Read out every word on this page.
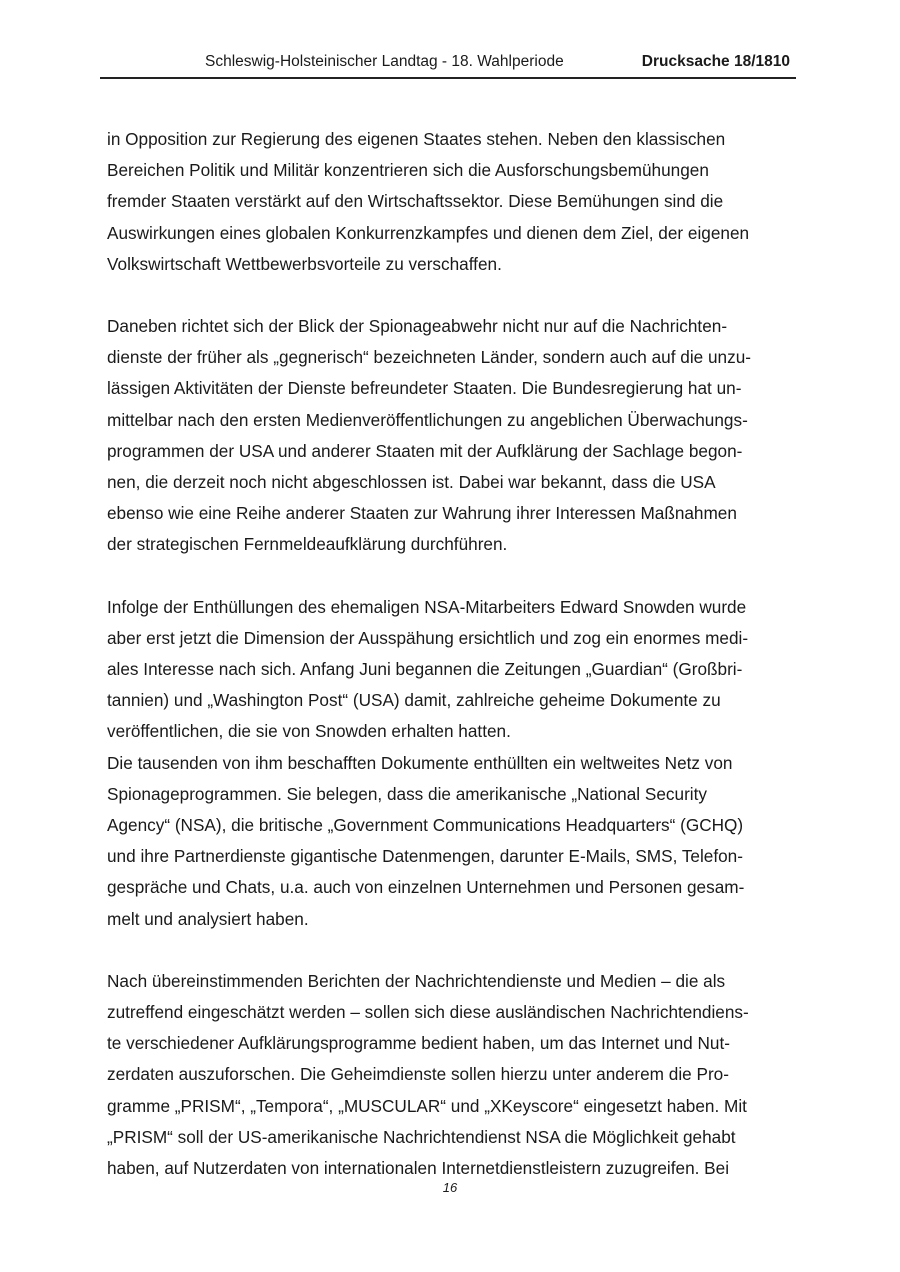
Schleswig-Holsteinischer Landtag - 18. Wahlperiode	Drucksache 18/1810

in Opposition zur Regierung des eigenen Staates stehen. Neben den klassischen
Bereichen Politik und Militär konzentrieren sich die Ausforschungsbemühungen
fremder Staaten verstärkt auf den Wirtschaftssektor. Diese Bemühungen sind die
Auswirkungen eines globalen Konkurrenzkampfes und dienen dem Ziel, der eigenen
Volkswirtschaft Wettbewerbsvorteile zu verschaffen.

Daneben richtet sich der Blick der Spionageabwehr nicht nur auf die Nachrichten-
dienste der früher als „gegnerisch“ bezeichneten Länder, sondern auch auf die unzu-
lässigen Aktivitäten der Dienste befreundeter Staaten. Die Bundesregierung hat un-
mittelbar nach den ersten Medienveröffentlichungen zu angeblichen Überwachungs-
programmen der USA und anderer Staaten mit der Aufklärung der Sachlage begon-
nen, die derzeit noch nicht abgeschlossen ist. Dabei war bekannt, dass die USA
ebenso wie eine Reihe anderer Staaten zur Wahrung ihrer Interessen Maßnahmen
der strategischen Fernmeldeaufklärung durchführen.

Infolge der Enthüllungen des ehemaligen NSA-Mitarbeiters Edward Snowden wurde
aber erst jetzt die Dimension der Ausspähung ersichtlich und zog ein enormes medi-
ales Interesse nach sich. Anfang Juni begannen die Zeitungen „Guardian“ (Großbri-
tannien) und „Washington Post“ (USA) damit, zahlreiche geheime Dokumente zu
veröffentlichen, die sie von Snowden erhalten hatten.

Die tausenden von ihm beschafften Dokumente enthüllten ein weltweites Netz von
Spionageprogrammen. Sie belegen, dass die amerikanische „National Security
Agency“ (NSA), die britische „Government Communications Headquarters“ (GCHQ)
und ihre Partnerdienste gigantische Datenmengen, darunter E-Mails, SMS, Telefon-
gespräche und Chats, u.a. auch von einzelnen Unternehmen und Personen gesam-
melt und analysiert haben.

Nach übereinstimmenden Berichten der Nachrichtendienste und Medien – die als
zutreffend eingeschätzt werden – sollen sich diese ausländischen Nachrichtendiens-
te verschiedener Aufklärungsprogramme bedient haben, um das Internet und Nut-
zerdaten auszuforschen. Die Geheimdienste sollen hierzu unter anderem die Pro-
gramme „PRISM“, „Tempora“, „MUSCULAR“ und „XKeyscore“ eingesetzt haben. Mit
„PRISM“ soll der US-amerikanische Nachrichtendienst NSA die Möglichkeit gehabt
haben, auf Nutzerdaten von internationalen Internetdienstleistern zuzugreifen. Bei

16
